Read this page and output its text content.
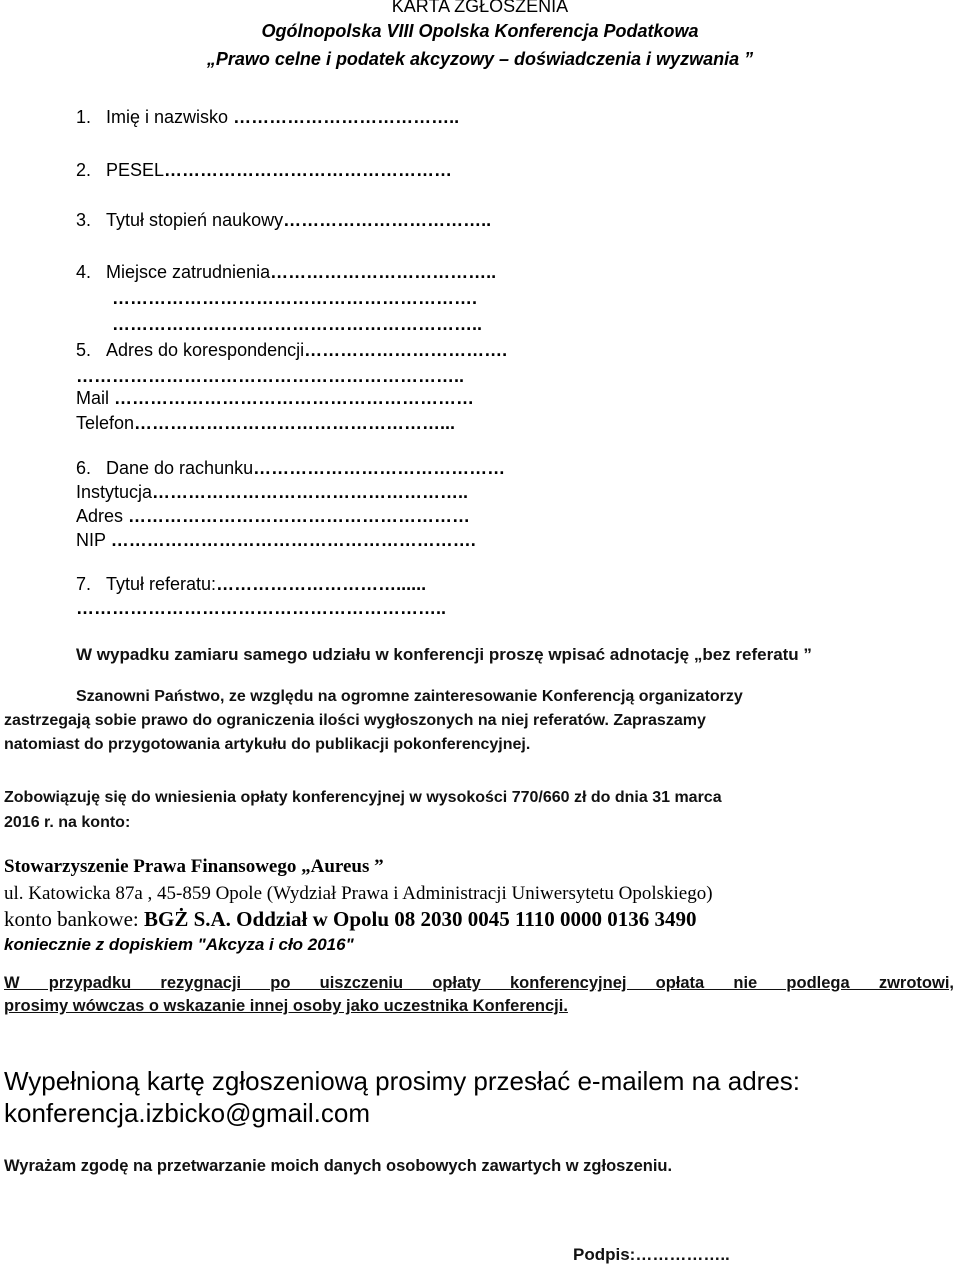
KARTA ZGŁOSZENIA
Ogólnopolska VIII Opolska Konferencja Podatkowa
„Prawo celne i podatek akcyzowy – doświadczenia i wyzwania ”
1. Imię i nazwisko ………………………………..
2. PESEL…………………………………………
3. Tytuł stopień naukowy……………………………..
4. Miejsce zatrudnienia………………………………..
…………………………………………………….
……………………………………………………..
5. Adres do korespondencji…………………………….
………………………………………………………..
Mail ……………………………………………………
Telefon……………………………………………...
6. Dane do rachunku……………………………………
Instytucja……………………………………………..
Adres …………………………………………………
NIP …………………………………………………….
7. Tytuł referatu:…………………………......
……………………………………………………..
W wypadku zamiaru samego udziału w konferencji proszę wpisać adnotację „bez referatu ”
Szanowni Państwo, ze względu na ogromne zainteresowanie Konferencją organizatorzy
zastrzegają sobie prawo do ograniczenia ilości wygłoszonych na niej referatów. Zapraszamy
natomiast do przygotowania artykułu do publikacji pokonferencyjnej.
Zobowiązuję się do wniesienia opłaty konferencyjnej w wysokości 770/660 zł do dnia 31 marca
2016 r. na konto:
Stowarzyszenie Prawa Finansowego „Aureus ”
ul. Katowicka 87a , 45-859 Opole (Wydział Prawa i Administracji Uniwersytetu Opolskiego)
konto bankowe: BGŻ S.A. Oddział w Opolu 08 2030 0045 1110 0000 0136 3490
koniecznie z dopiskiem "Akcyza i cło 2016"
W przypadku rezygnacji po uiszczeniu opłaty konferencyjnej opłata nie podlega zwrotowi,
prosimy wówczas o wskazanie innej osoby jako uczestnika Konferencji.
Wypełnioną kartę zgłoszeniową prosimy przesłać e-mailem na adres:
konferencja.izbicko@gmail.com
Wyrażam zgodę na przetwarzanie moich danych osobowych zawartych w zgłoszeniu.
Podpis:……………..
